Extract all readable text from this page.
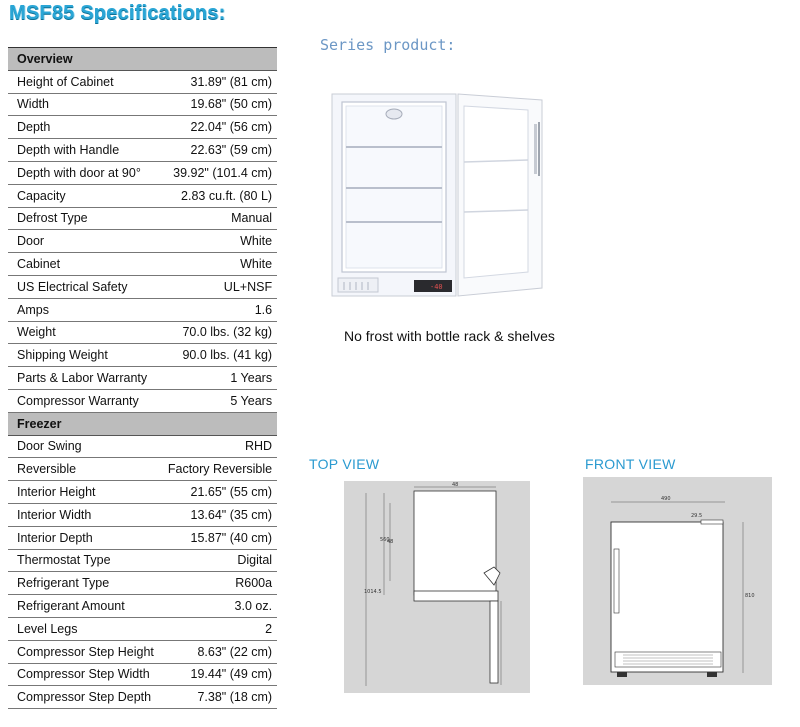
MSF85 Specifications:
Overview	
Height of Cabinet	31.89" (81 cm)
Width	19.68" (50 cm)
Depth	22.04" (56 cm)
Depth with Handle	22.63" (59 cm)
Depth with door at 90°	39.92" (101.4 cm)
Capacity	2.83 cu.ft. (80 L)
Defrost Type	Manual
Door	White
Cabinet	White
US Electrical Safety	UL+NSF
Amps	1.6
Weight	70.0 lbs. (32 kg)
Shipping Weight	90.0 lbs. (41 kg)
Parts & Labor Warranty	1 Years
Compressor Warranty	5 Years
Freezer	
Door Swing	RHD
Reversible	Factory Reversible
Interior Height	21.65" (55 cm)
Interior Width	13.64" (35 cm)
Interior Depth	15.87" (40 cm)
Thermostat Type	Digital
Refrigerant Type	R600a
Refrigerant Amount	3.0 oz.
Level Legs	2
Compressor Step Height	8.63" (22 cm)
Compressor Step Width	19.44" (49 cm)
Compressor Step Depth	7.38" (18 cm)
Series product:
-40
No frost with bottle rack & shelves
TOP VIEW	FRONT VIEW
48
560
48
1014.5
490
29.5
810
